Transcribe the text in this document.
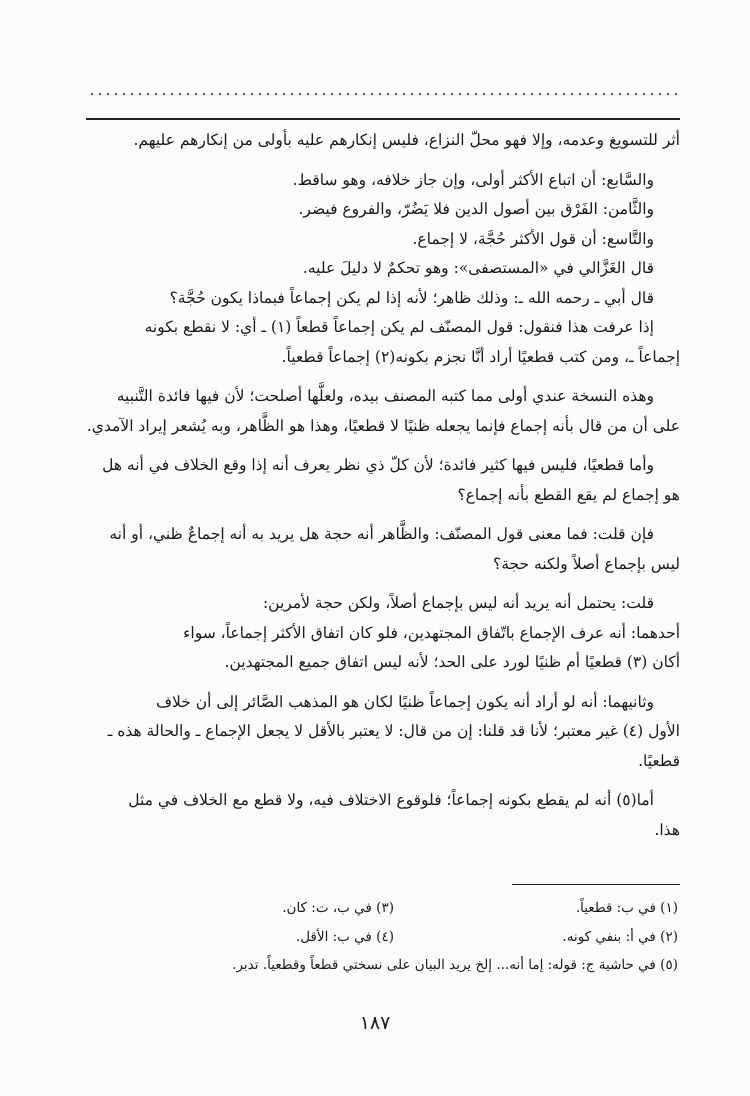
أثر للتسويغ وعدمه، وإلا فهو محلّ النزاع، فليس إنكارهم عليه بأولى من إنكارهم عليهم.
والسَّابع: أن اتباع الأكثر أولى، وإن جاز خلافه، وهو ساقط.
والثَّامن: الفَرْق بين أصول الدين فلا يَضُرّ، والفروع فيضر.
والتَّاسع: أن قول الأكثر حُجَّة، لا إجماع.
قال الغَزَّالي في «المستصفى»: وهو تحكمٌ لا دليلَ عليه.
قال أبي ـ رحمه الله ـ: وذلك ظاهر؛ لأنه إذا لم يكن إجماعاً فبماذا يكون حُجَّة؟
إذا عرفت هذا فنقول: قول المصنّف لم يكن إجماعاً قطعاً (١) ـ أي: لا نقطع بكونه
إجماعاً ـ، ومن كتب قطعيًا أراد أنَّا نجزم بكونه(٢) إجماعاً قطعياً.
وهذه النسخة عندي أولى مما كتبه المصنف بيده، ولعلَّها أصلحت؛ لأن فيها فائدة التَّنبيه
على أن من قال بأنه إجماع فإنما يجعله ظنيًا لا قطعيًا، وهذا هو الظَّاهر، وبه يُشعر إيراد الآمدي.
وأما قطعيًا، فليس فيها كثير فائدة؛ لأن كلّ ذي نظر يعرف أنه إذا وقع الخلاف في أنه هل
هو إجماع لم يقع القطع بأنه إجماع؟
فإن قلت: فما معنى قول المصنّف: والظَّاهر أنه حجة هل يريد به أنه إجماعٌ ظني، أو أنه
ليس بإجماع أصلاً ولكنه حجة؟
قلت: يحتمل أنه يريد أنه ليس بإجماع أصلاً، ولكن حجة لأمرين:
أحدهما: أنه عرف الإجماع باتّفاق المجتهدين، فلو كان اتفاق الأكثر إجماعاً، سواء
أكان (٣) قطعيًا أم ظنيًا لورد على الحد؛ لأنه ليس اتفاق جميع المجتهدين.
وثانيهما: أنه لو أراد أنه يكون إجماعاً ظنيًا لكان هو المذهب الصَّائر إلى أن خلاف
الأول (٤) غير معتبر؛ لأنا قد قلنا: إن من قال: لا يعتبر بالأقل لا يجعل الإجماع ـ والحالة هذه ـ
قطعيًا.
أما(٥) أنه لم يقطع بكونه إجماعاً؛ فلوقوع الاختلاف فيه، ولا قطع مع الخلاف في مثل
هذا.
(١) في ب: قطعياً.
(٣) في ب، ت: كان.
(٢) في أ: بنفي كونه.
(٤) في ب: الأقل.
(٥) في حاشية ج: قوله: إما أنه... إلخ يريد البيان على نسختي قطعاً وقطعياً. تدبر.
١٨٧
